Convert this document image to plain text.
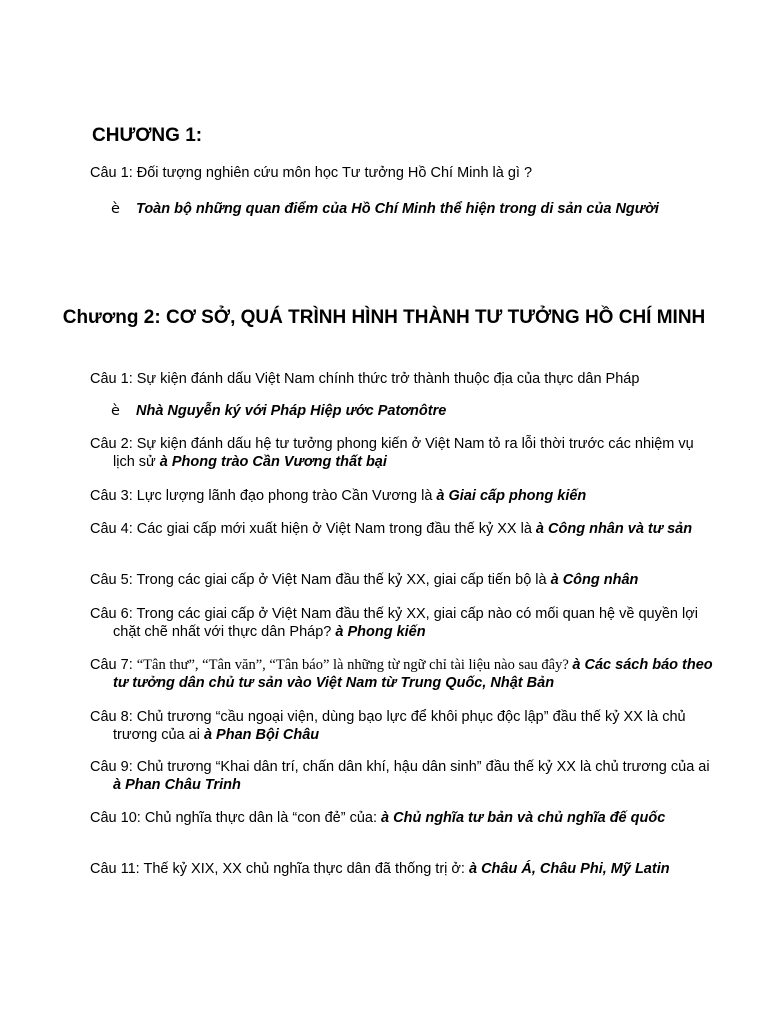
CHƯƠNG 1:
Câu 1: Đối tượng nghiên cứu môn học Tư tưởng Hồ Chí Minh là gì ?
è Toàn bộ những quan điểm của Hồ Chí Minh thể hiện trong di sản của Người
Chương 2: CƠ SỞ, QUÁ TRÌNH HÌNH THÀNH TƯ TƯỞNG HỒ CHÍ MINH
Câu 1: Sự kiện đánh dấu Việt Nam chính thức trở thành thuộc địa của thực dân Pháp
è Nhà Nguyễn ký với Pháp Hiệp ước Patơnôtre
Câu 2: Sự kiện đánh dấu hệ tư tưởng phong kiến ở Việt Nam tỏ ra lỗi thời trước các nhiệm vụ lịch sử à Phong trào Cần Vương thất bại
Câu 3: Lực lượng lãnh đạo phong trào Cần Vương là à Giai cấp phong kiến
Câu 4: Các giai cấp mới xuất hiện ở Việt Nam trong đầu thế kỷ XX là à Công nhân và tư sản
Câu 5: Trong các giai cấp ở Việt Nam đầu thế kỷ XX, giai cấp tiến bộ là à Công nhân
Câu 6: Trong các giai cấp ở Việt Nam đầu thế kỷ XX, giai cấp nào có mối quan hệ về quyền lợi chặt chẽ nhất với thực dân Pháp? à Phong kiến
Câu 7: “Tân thư”, “Tân văn”, “Tân báo” là những từ ngữ chỉ tài liệu nào sau đây? à Các sách báo theo tư tưởng dân chủ tư sản vào Việt Nam từ Trung Quốc, Nhật Bản
Câu 8: Chủ trương “cầu ngoại viện, dùng bạo lực để khôi phục độc lập” đầu thế kỷ XX là chủ trương của ai à Phan Bội Châu
Câu 9: Chủ trương “Khai dân trí, chấn dân khí, hậu dân sinh” đầu thế kỷ XX là chủ trương của ai à Phan Châu Trinh
Câu 10: Chủ nghĩa thực dân là “con đẻ” của: à Chủ nghĩa tư bản và chủ nghĩa đế quốc
Câu 11: Thế kỷ XIX, XX chủ nghĩa thực dân đã thống trị ở: à Châu Á, Châu Phi, Mỹ Latin
